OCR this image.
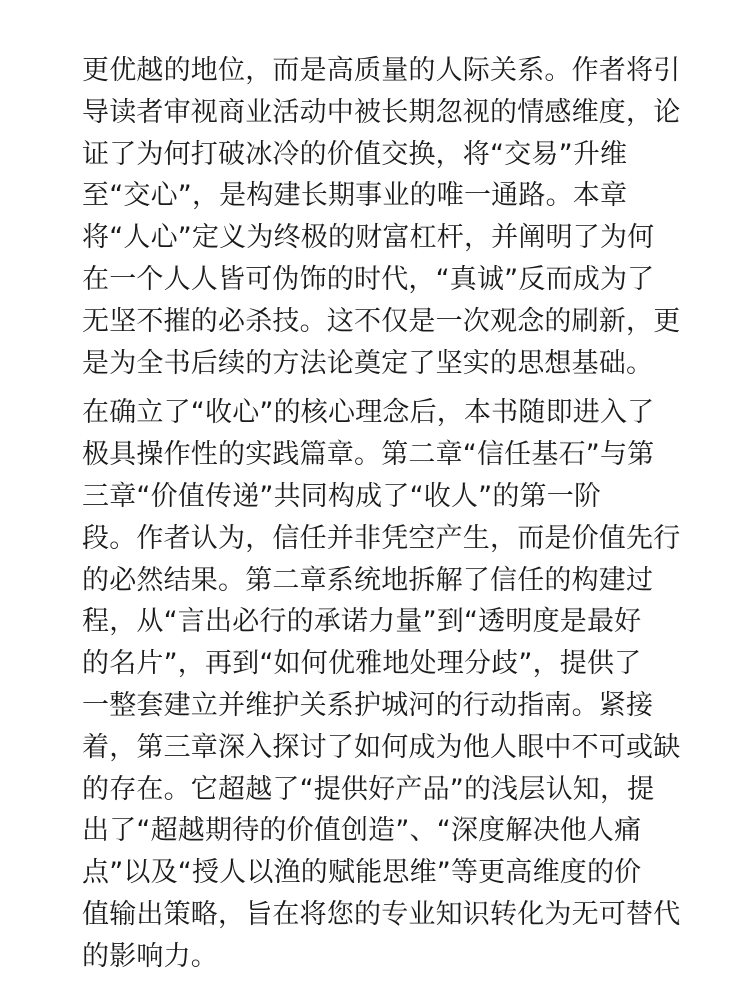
更优越的地位，而是高质量的人际关系。作者将引
导读者审视商业活动中被长期忽视的情感维度，论
证了为何打破冰冷的价值交换，将“交易”升维
至“交心”，是构建长期事业的唯一通路。本章
将“人心”定义为终极的财富杠杆，并阐明了为何
在一个人人皆可伪饰的时代，“真诚”反而成为了
无坚不摧的必杀技。这不仅是一次观念的刷新，更
是为全书后续的方法论奠定了坚实的思想基础。
在确立了“收心”的核心理念后，本书随即进入了
极具操作性的实践篇章。第二章“信任基石”与第
三章“价值传递”共同构成了“收人”的第一阶
段。作者认为，信任并非凭空产生，而是价值先行
的必然结果。第二章系统地拆解了信任的构建过
程，从“言出必行的承诺力量”到“透明度是最好
的名片”，再到“如何优雅地处理分歧”，提供了
一整套建立并维护关系护城河的行动指南。紧接
着，第三章深入探讨了如何成为他人眼中不可或缺
的存在。它超越了“提供好产品”的浅层认知，提
出了“超越期待的价值创造”、“深度解决他人痛
点”以及“授人以渔的赋能思维”等更高维度的价
值输出策略，旨在将您的专业知识转化为无可替代
的影响力。
